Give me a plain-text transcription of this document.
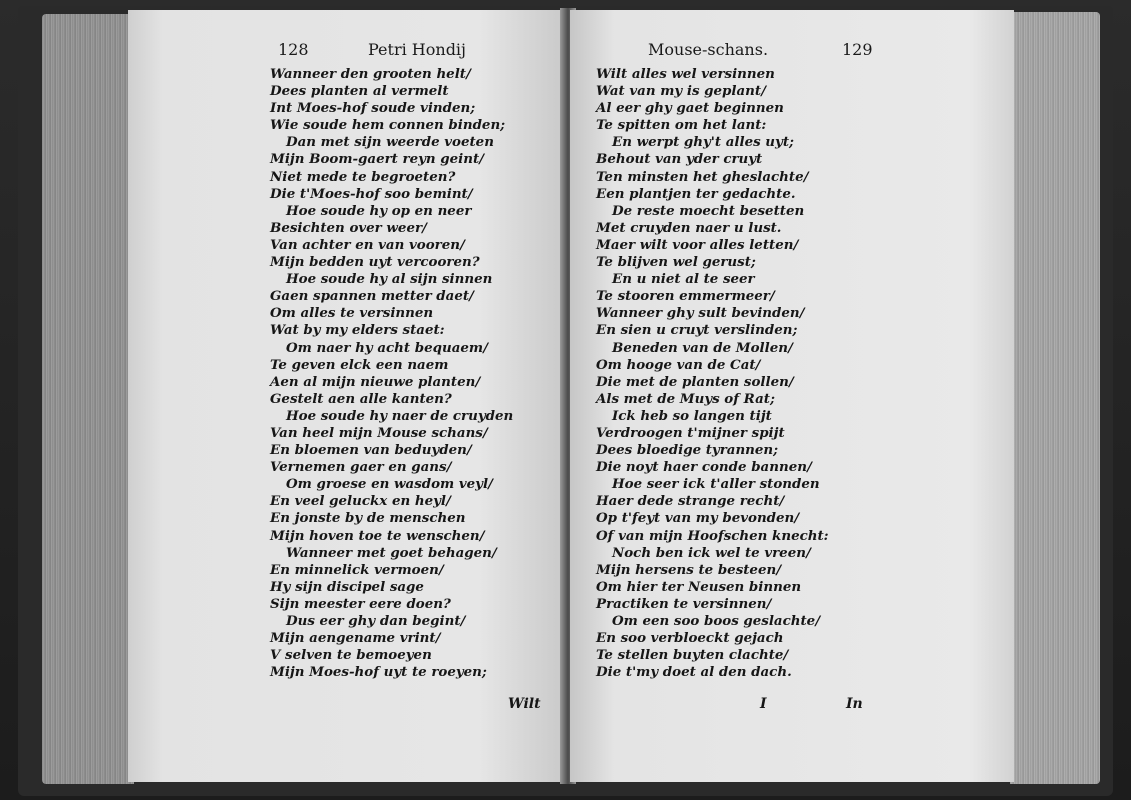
128	Petri Hondij
Wanneer den grooten helt/
Dees planten al vermelt
Int Moes-hof soude vinden;
Wie soude hem connen binden;
Dan met sijn weerde voeten
Mijn Boom-gaert reyn geint/
Niet mede te begroeten?
Die t'Moes-hof soo bemint/
Hoe soude hy op en neer
Besichten over weer/
Van achter en van vooren/
Mijn bedden uyt vercooren?
Hoe soude hy al sijn sinnen
Gaen spannen metter daet/
Om alles te versinnen
Wat by my elders staet:
Om naer hy acht bequaem/
Te geven elck een naem
Aen al mijn nieuwe planten/
Gestelt aen alle kanten?
Hoe soude hy naer de cruyden
Van heel mijn Mouse schans/
En bloemen van beduyden/
Vernemen gaer en gans/
Om groese en wasdom veyl/
En veel geluckx en heyl/
En jonste by de menschen
Mijn hoven toe te wenschen/
Wanneer met goet behagen/
En minnelick vermoen/
Hy sijn discipel sage
Sijn meester eere doen?
Dus eer ghy dan begint/
Mijn aengename vrint/
V selven te bemoeyen
Mijn Moes-hof uyt te roeyen;
Wilt
Mouse-schans.	129
Wilt alles wel versinnen
Wat van my is geplant/
Al eer ghy gaet beginnen
Te spitten om het lant:
En werpt ghy't alles uyt;
Behout van yder cruyt
Ten minsten het gheslachte/
Een plantjen ter gedachte.
De reste moecht besetten
Met cruyden naer u lust.
Maer wilt voor alles letten/
Te blijven wel gerust;
En u niet al te seer
Te stooren emmermeer/
Wanneer ghy sult bevinden/
En sien u cruyt verslinden;
Beneden van de Mollen/
Om hooge van de Cat/
Die met de planten sollen/
Als met de Muys of Rat;
Ick heb so langen tijt
Verdroogen t'mijner spijt
Dees bloedige tyrannen;
Die noyt haer conde bannen/
Hoe seer ick t'aller stonden
Haer dede strange recht/
Op t'feyt van my bevonden/
Of van mijn Hoofschen knecht:
Noch ben ick wel te vreen/
Mijn hersens te besteen/
Om hier ter Neusen binnen
Practiken te versinnen/
Om een soo boos geslachte/
En soo verbloeckt gejach
Te stellen buyten clachte/
Die t'my doet al den dach.
I	In
